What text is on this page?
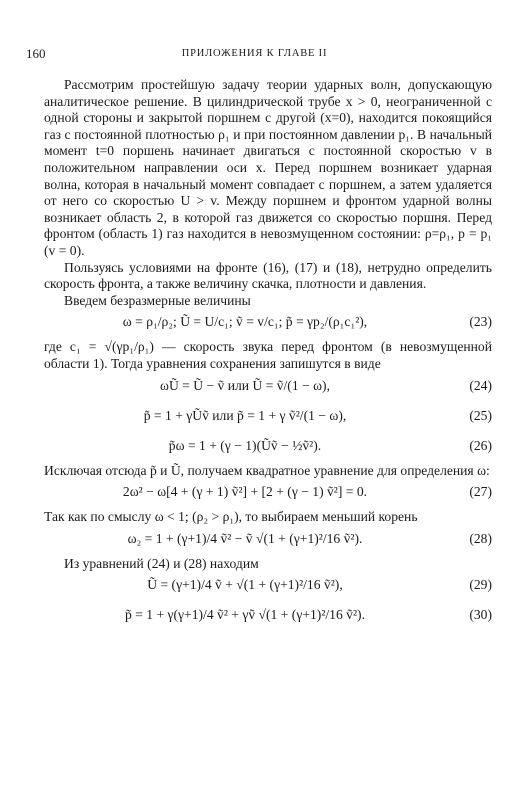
160	ПРИЛОЖЕНИЯ К ГЛАВЕ II

Рассмотрим простейшую задачу теории ударных волн, допускающую аналитическое решение. В цилиндрической трубе x > 0, неограниченной с одной стороны и закрытой поршнем с другой (x=0), находится покоящийся газ с постоянной плотностью ρ₁ и при постоянном давлении p₁. В начальный момент t=0 поршень начинает двигаться с постоянной скоростью v в положительном направлении оси x. Перед поршнем возникает ударная волна, которая в начальный момент совпадает с поршнем, а затем удаляется от него со скоростью U > v. Между поршнем и фронтом ударной волны возникает область 2, в которой газ движется со скоростью поршня. Перед фронтом (область 1) газ находится в невозмущенном состоянии: ρ=ρ₁, p = p₁ (v = 0).

Пользуясь условиями на фронте (16), (17) и (18), нетрудно определить скорость фронта, а также величину скачка, плотности и давления.

Введем безразмерные величины

ω = ρ₁/ρ₂; Ũ = U/c₁; ṽ = v/c₁; p̃ = γp₂/(ρ₁c₁²),	(23)

где c₁ = √(γp₁/ρ₁) — скорость звука перед фронтом (в невозмущенной области 1). Тогда уравнения сохранения запишутся в виде

ωŨ = Ũ − ṽ или Ũ = ṽ/(1 − ω),	(24)
p̃ = 1 + γŨṽ или p̃ = 1 + γ ṽ²/(1 − ω),	(25)
p̃ω = 1 + (γ − 1)(Ũṽ − ½ṽ²).	(26)

Исключая отсюда p̃ и Ũ, получаем квадратное уравнение для определения ω:

2ω² − ω[4 + (γ + 1) ṽ²] + [2 + (γ − 1) ṽ²] = 0.	(27)

Так как по смыслу ω < 1; (ρ₂ > ρ₁), то выбираем меньший корень

ω₂ = 1 + (γ+1)/4 ṽ² − ṽ √(1 + (γ+1)²/16 ṽ²).	(28)

Из уравнений (24) и (28) находим

Ũ = (γ+1)/4 ṽ + √(1 + (γ+1)²/16 ṽ²),	(29)
p̃ = 1 + γ(γ+1)/4 ṽ² + γṽ √(1 + (γ+1)²/16 ṽ²).	(30)
